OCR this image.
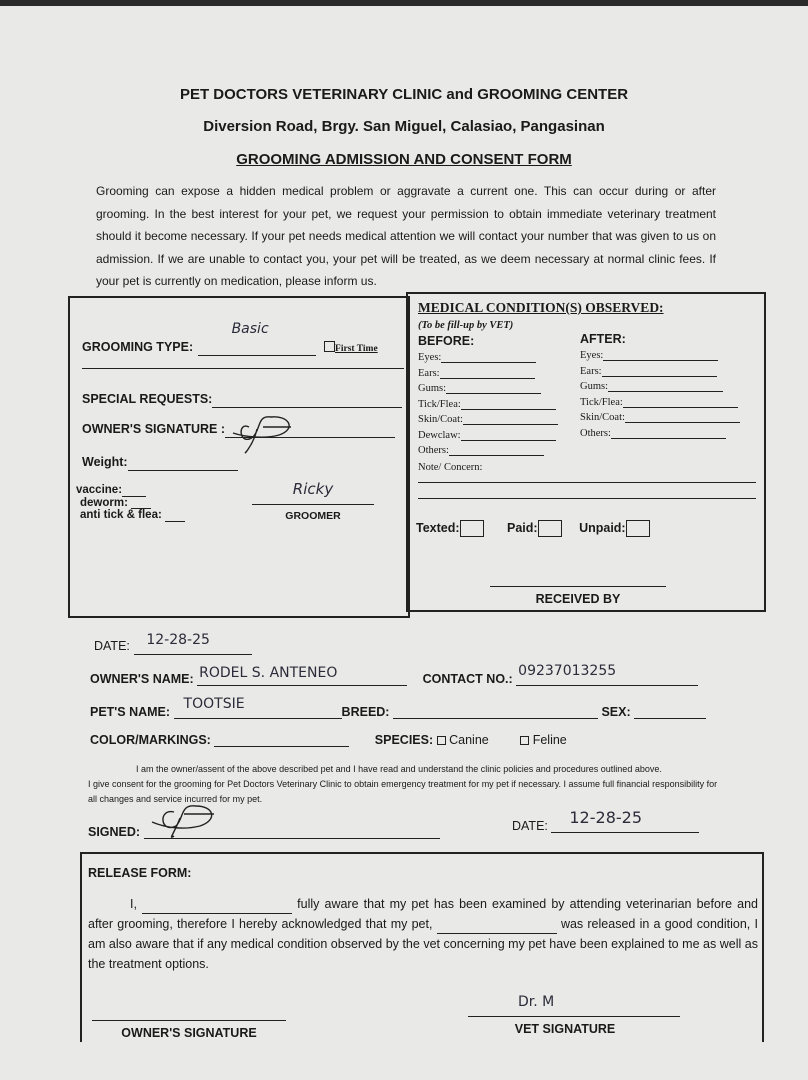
PET DOCTORS VETERINARY CLINIC and GROOMING CENTER
Diversion Road, Brgy. San Miguel, Calasiao, Pangasinan
GROOMING ADMISSION AND CONSENT FORM
Grooming can expose a hidden medical problem or aggravate a current one. This can occur during or after grooming. In the best interest for your pet, we request your permission to obtain immediate veterinary treatment should it become necessary. If your pet needs medical attention we will contact your number that was given to us on admission. If we are unable to contact you, your pet will be treated, as we deem necessary at normal clinic fees. If your pet is currently on medication, please inform us.
GROOMING TYPE:
Basic
First Time
SPECIAL REQUESTS:
OWNER'S SIGNATURE :
Weight:
vaccine:
deworm:
anti tick & flea:
Ricky
GROOMER
MEDICAL CONDITION(S) OBSERVED:
(To be fill-up by VET)
BEFORE:	AFTER:
Eyes:
Ears:
Gums:
Tick/Flea:
Skin/Coat:
Dewclaw:
Others:
Eyes:
Ears:
Gums:
Tick/Flea:
Skin/Coat:
Others:
Note/ Concern:
Texted:	Paid:	Unpaid:
RECEIVED BY
DATE: 12-28-25
OWNER'S NAME: RODEL S. ANTENEO	CONTACT NO.: 09237013255
PET'S NAME: TOOTSIE	BREED:	SEX:
COLOR/MARKINGS:	SPECIES: Canine	Feline
I am the owner/assent of the above described pet and I have read and understand the clinic policies and procedures outlined above.
I give consent for the grooming for Pet Doctors Veterinary Clinic to obtain emergency treatment for my pet if necessary. I assume full financial responsibility for all changes and service incurred for my pet.
SIGNED:	DATE: 12-28-25
RELEASE FORM:
I,	fully aware that my pet has been examined by attending veterinarian before and after grooming, therefore I hereby acknowledged that my pet,	was released in a good condition, I am also aware that if any medical condition observed by the vet concerning my pet have been explained to me as well as the treatment options.
OWNER'S SIGNATURE
Dr. M
VET SIGNATURE
